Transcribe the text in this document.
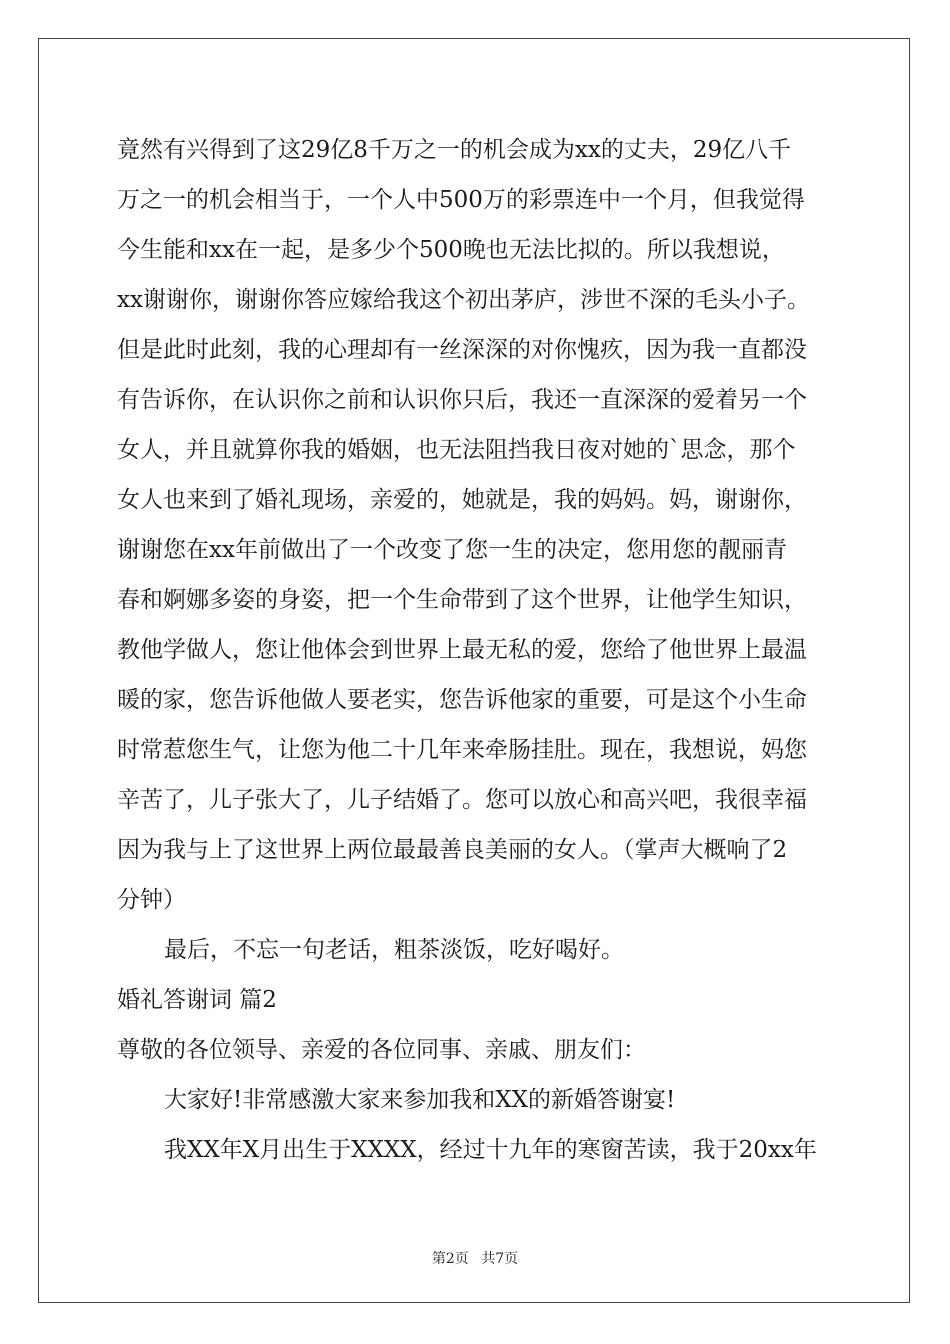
竟然有兴得到了这29亿8千万之一的机会成为xx的丈夫，29亿八千
万之一的机会相当于，一个人中500万的彩票连中一个月，但我觉得
今生能和xx在一起，是多少个500晚也无法比拟的。所以我想说，
xx谢谢你，谢谢你答应嫁给我这个初出茅庐，涉世不深的毛头小子。
但是此时此刻，我的心理却有一丝深深的对你愧疚，因为我一直都没
有告诉你，在认识你之前和认识你只后，我还一直深深的爱着另一个
女人，并且就算你我的婚姻，也无法阻挡我日夜对她的`思念，那个
女人也来到了婚礼现场，亲爱的，她就是，我的妈妈。妈，谢谢你，
谢谢您在xx年前做出了一个改变了您一生的决定，您用您的靓丽青
春和婀娜多姿的身姿，把一个生命带到了这个世界，让他学生知识，
教他学做人，您让他体会到世界上最无私的爱，您给了他世界上最温
暖的家，您告诉他做人要老实，您告诉他家的重要，可是这个小生命
时常惹您生气，让您为他二十几年来牵肠挂肚。现在，我想说，妈您
辛苦了，儿子张大了，儿子结婚了。您可以放心和高兴吧，我很幸福
因为我与上了这世界上两位最最善良美丽的女人。（掌声大概响了2
分钟）
最后，不忘一句老话，粗茶淡饭，吃好喝好。
婚礼答谢词 篇2
尊敬的各位领导、亲爱的各位同事、亲戚、朋友们：
大家好!非常感激大家来参加我和XX的新婚答谢宴!
我XX年X月出生于XXXX，经过十九年的寒窗苦读，我于20xx年
第2页 共7页
